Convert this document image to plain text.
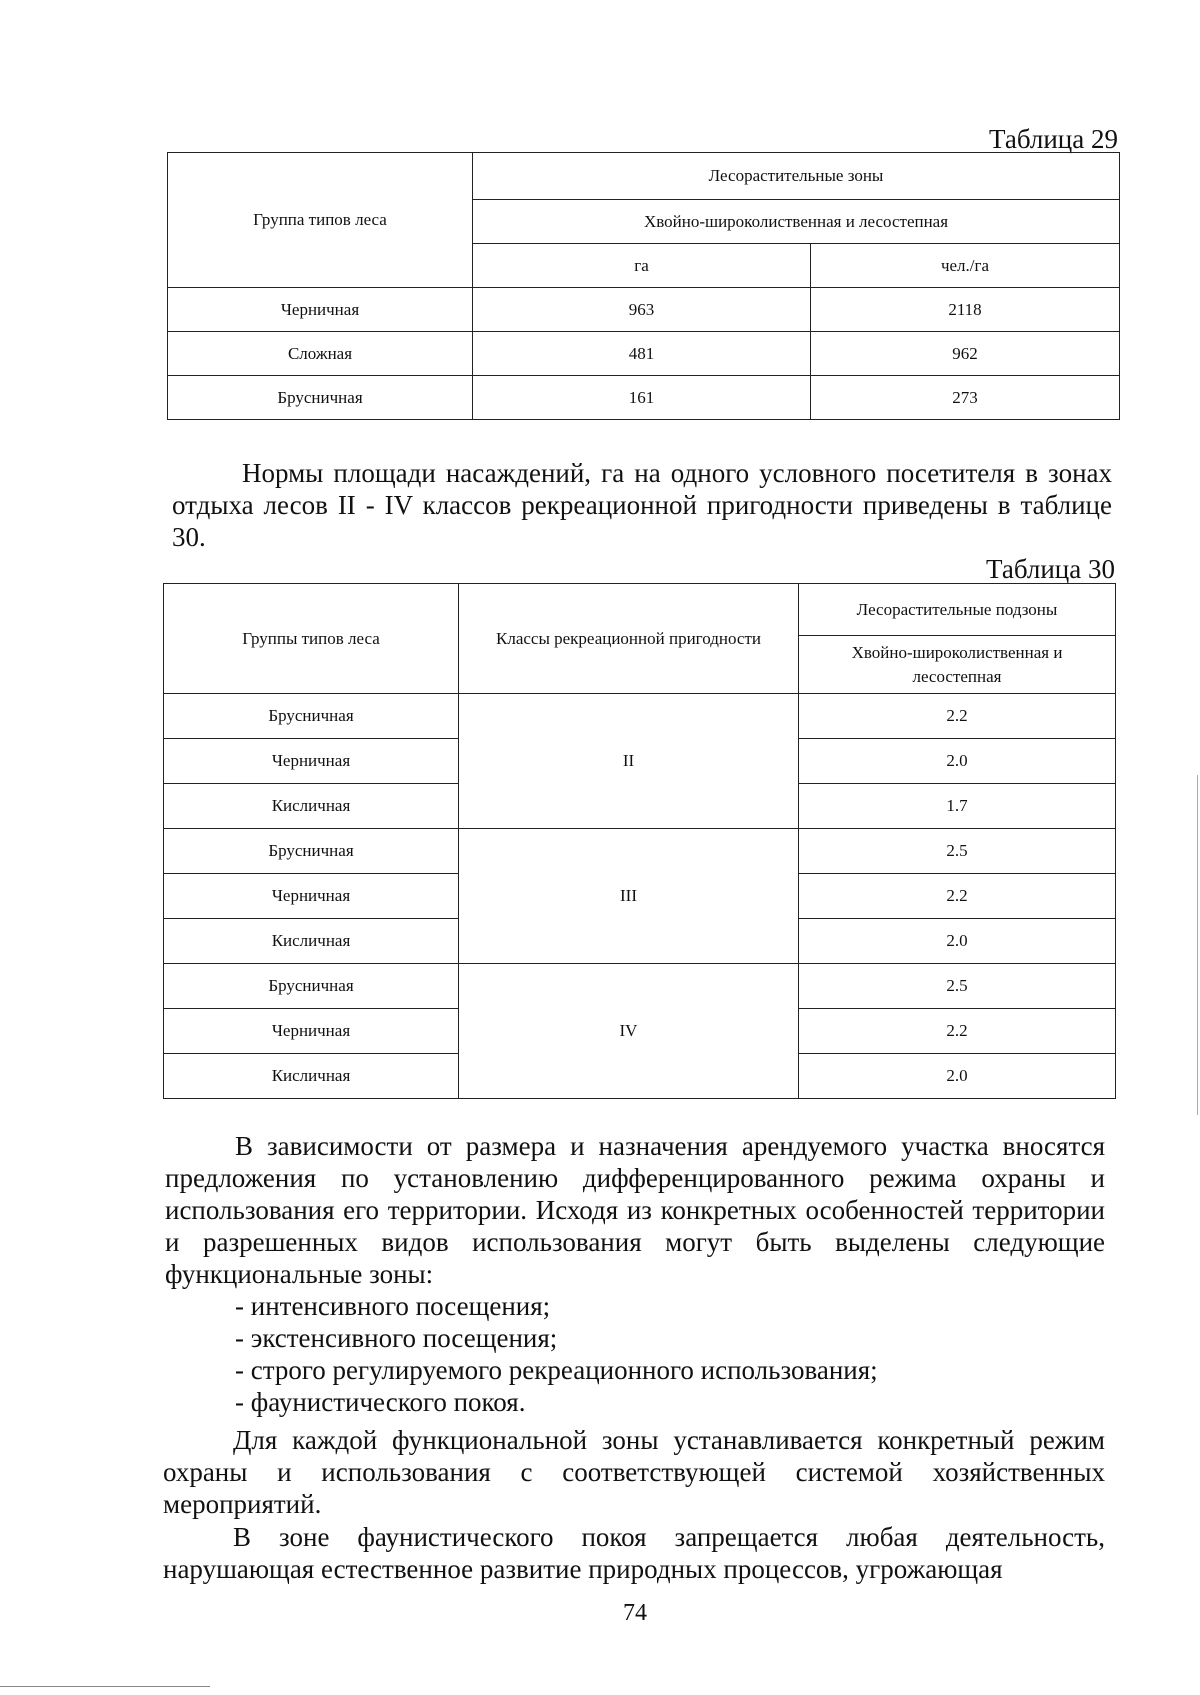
Таблица 29
Группа типов леса	Лесорастительные зоны	
	Хвойно-широколиственная и лесостепная	
	га	чел./га
Черничная	963	2118
Сложная	481	962
Брусничная	161	273
Нормы площади насаждений, га на одного условного посетителя в зонах отдыха лесов II - IV классов рекреационной пригодности приведены в таблице 30.
Таблица 30
Группы типов леса	Классы рекреационной пригодности	Лесорастительные подзоны
		Хвойно-широколиственная и лесостепная
Брусничная	II	2.2
Черничная		2.0
Кисличная		1.7
Брусничная	III	2.5
Черничная		2.2
Кисличная		2.0
Брусничная	IV	2.5
Черничная		2.2
Кисличная		2.0
В зависимости от размера и назначения арендуемого участка вносятся предложения по установлению дифференцированного режима охраны и использования его территории. Исходя из конкретных особенностей территории и разрешенных видов использования могут быть выделены следующие функциональные зоны:
- интенсивного посещения;
- экстенсивного посещения;
- строго регулируемого рекреационного использования;
- фаунистического покоя.
Для каждой функциональной зоны устанавливается конкретный режим охраны и использования с соответствующей системой хозяйственных мероприятий.
В зоне фаунистического покоя запрещается любая деятельность, нарушающая естественное развитие природных процессов, угрожающая
74
